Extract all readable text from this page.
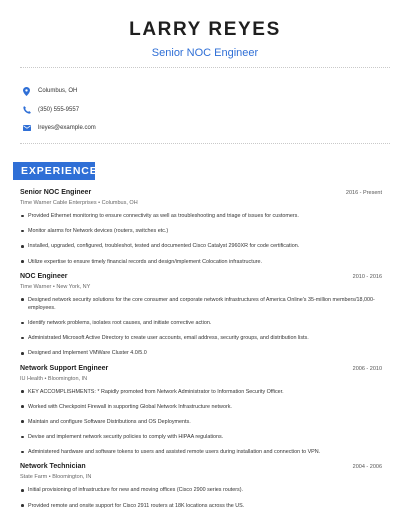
LARRY REYES
Senior NOC Engineer
Columbus, OH
(350) 555-9557
lreyes@example.com
EXPERIENCE
Senior NOC Engineer	2016 - Present
Time Warner Cable Enterprises • Columbus, OH
Provided Ethernet monitoring to ensure connectivity as well as troubleshooting and triage of issues for customers.
Monitor alarms for Network devices (routers, switches etc.)
Installed, upgraded, configured, troubleshot, tested and documented Cisco Catalyst 2960XR for code certification.
Utilize expertise to ensure timely financial records and design/implement Colocation infrastructure.
NOC Engineer	2010 - 2016
Time Warner • New York, NY
Designed network security solutions for the core consumer and corporate network infrastructures of America Online's 35-million members/18,000-employees.
Identify network problems, isolates root causes, and initiate corrective action.
Administrated Microsoft Active Directory to create user accounts, email address, security groups, and distribution lists.
Designed and Implement VMWare Cluster 4.0/5.0
Network Support Engineer	2006 - 2010
IU Health • Bloomington, IN
KEY ACCOMPLISHMENTS: * Rapidly promoted from Network Administrator to Information Security Officer.
Worked with Checkpoint Firewall in supporting Global Network Infrastructure network.
Maintain and configure Software Distributions and OS Deployments.
Devise and implement network security policies to comply with HIPAA regulations.
Administered hardware and software tokens to users and assisted remote users during installation and connection to VPN.
Network Technician	2004 - 2006
State Farm • Bloomington, IN
Initial provisioning of infrastructure for new and moving offices (Cisco 2900 series routers).
Provided remote and onsite support for Cisco 2911 routers at 18K locations across the US.
